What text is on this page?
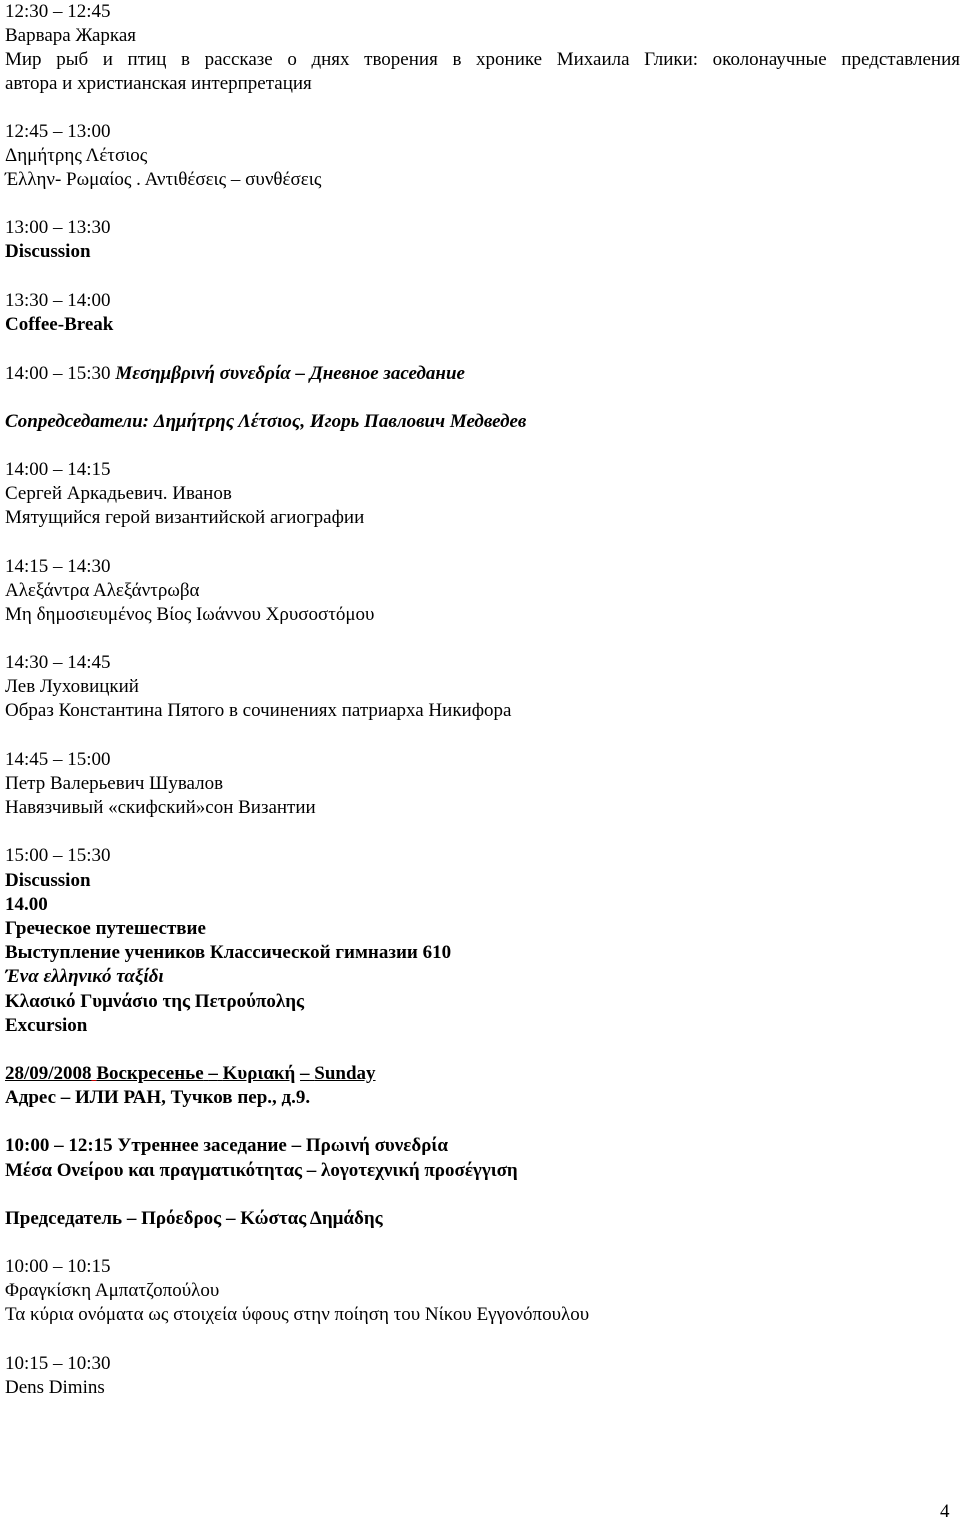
12:30 – 12:45
Варвара Жаркая
Мир рыб и птиц в рассказе о днях творения в хронике Михаила Глики: околонаучные представления
автора и христианская интерпретация
12:45 – 13:00
Δημήτρης Λέτσιος
Έλλην- Ρωμαίος . Αντιθέσεις – συνθέσεις
13:00 – 13:30
Discussion
13:30 – 14:00
Coffee-Break
14:00 – 15:30 Μεσημβρινή συνεδρία – Дневное заседание
Сопредседатели: Δημήτρης Λέτσιος, Игорь Павлович Медведев
14:00 – 14:15
Сергей Аркадьевич. Иванов
Мятущийся герой византийской агиографии
14:15 – 14:30
Αλεξάντρα Αλεξάντρωβα
Μη δημοσιευμένος Βίος Ιωάννου Χρυσοστόμου
14:30 – 14:45
Лев Луховицкий
Образ Константина Пятого в сочинениях патриарха Никифора
14:45 – 15:00
Петр Валерьевич Шувалов
Навязчивый «скифский»сон Византии
15:00 – 15:30
Discussion
14.00
Греческое путешествие
Выступление учеников Классической гимназии 610
Ένα ελληνικό ταξίδι
Κλασικό Γυμνάσιο της Πετρούπολης
Excursion
28/09/2008 Воскресенье – Κυριακή – Sunday
Адрес – ИЛИ РАН, Тучков пер., д.9.
10:00 – 12:15 Утреннее заседание – Πρωινή συνεδρία
Μέσα Ονείρου και πραγματικότητας – λογοτεχνική προσέγγιση
Председатель – Πρόεδρος – Κώστας Δημάδης
10:00 – 10:15
Φραγκίσκη Αμπατζοπούλου
Τα κύρια ονόματα ως στοιχεία ύφους στην ποίηση του Νίκου Εγγονόπουλου
10:15 – 10:30
Dens Dimins
4
